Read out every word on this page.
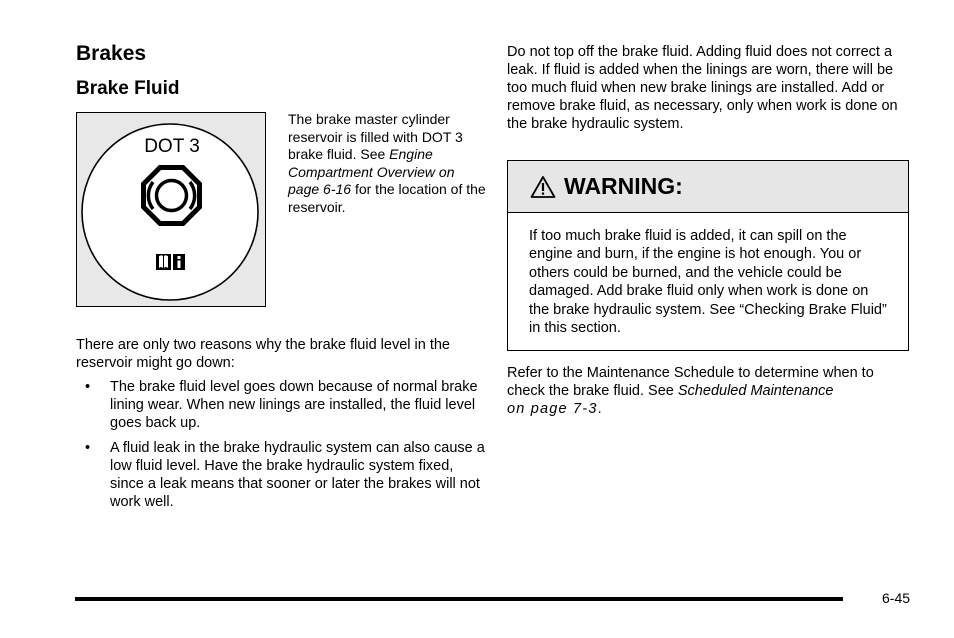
Brakes
Brake Fluid
DOT 3
The brake master cylinder reservoir is filled with DOT 3 brake fluid. See Engine Compartment Overview on page 6-16 for the location of the reservoir.

There are only two reasons why the brake fluid level in the reservoir might go down:

• The brake fluid level goes down because of normal brake lining wear. When new linings are installed, the fluid level goes back up.
• A fluid leak in the brake hydraulic system can also cause a low fluid level. Have the brake hydraulic system fixed, since a leak means that sooner or later the brakes will not work well.

Do not top off the brake fluid. Adding fluid does not correct a leak. If fluid is added when the linings are worn, there will be too much fluid when new brake linings are installed. Add or remove brake fluid, as necessary, only when work is done on the brake hydraulic system.

WARNING:
If too much brake fluid is added, it can spill on the engine and burn, if the engine is hot enough. You or others could be burned, and the vehicle could be damaged. Add brake fluid only when work is done on the brake hydraulic system. See “Checking Brake Fluid” in this section.

Refer to the Maintenance Schedule to determine when to check the brake fluid. See Scheduled Maintenance
on page 7-3.

6-45
